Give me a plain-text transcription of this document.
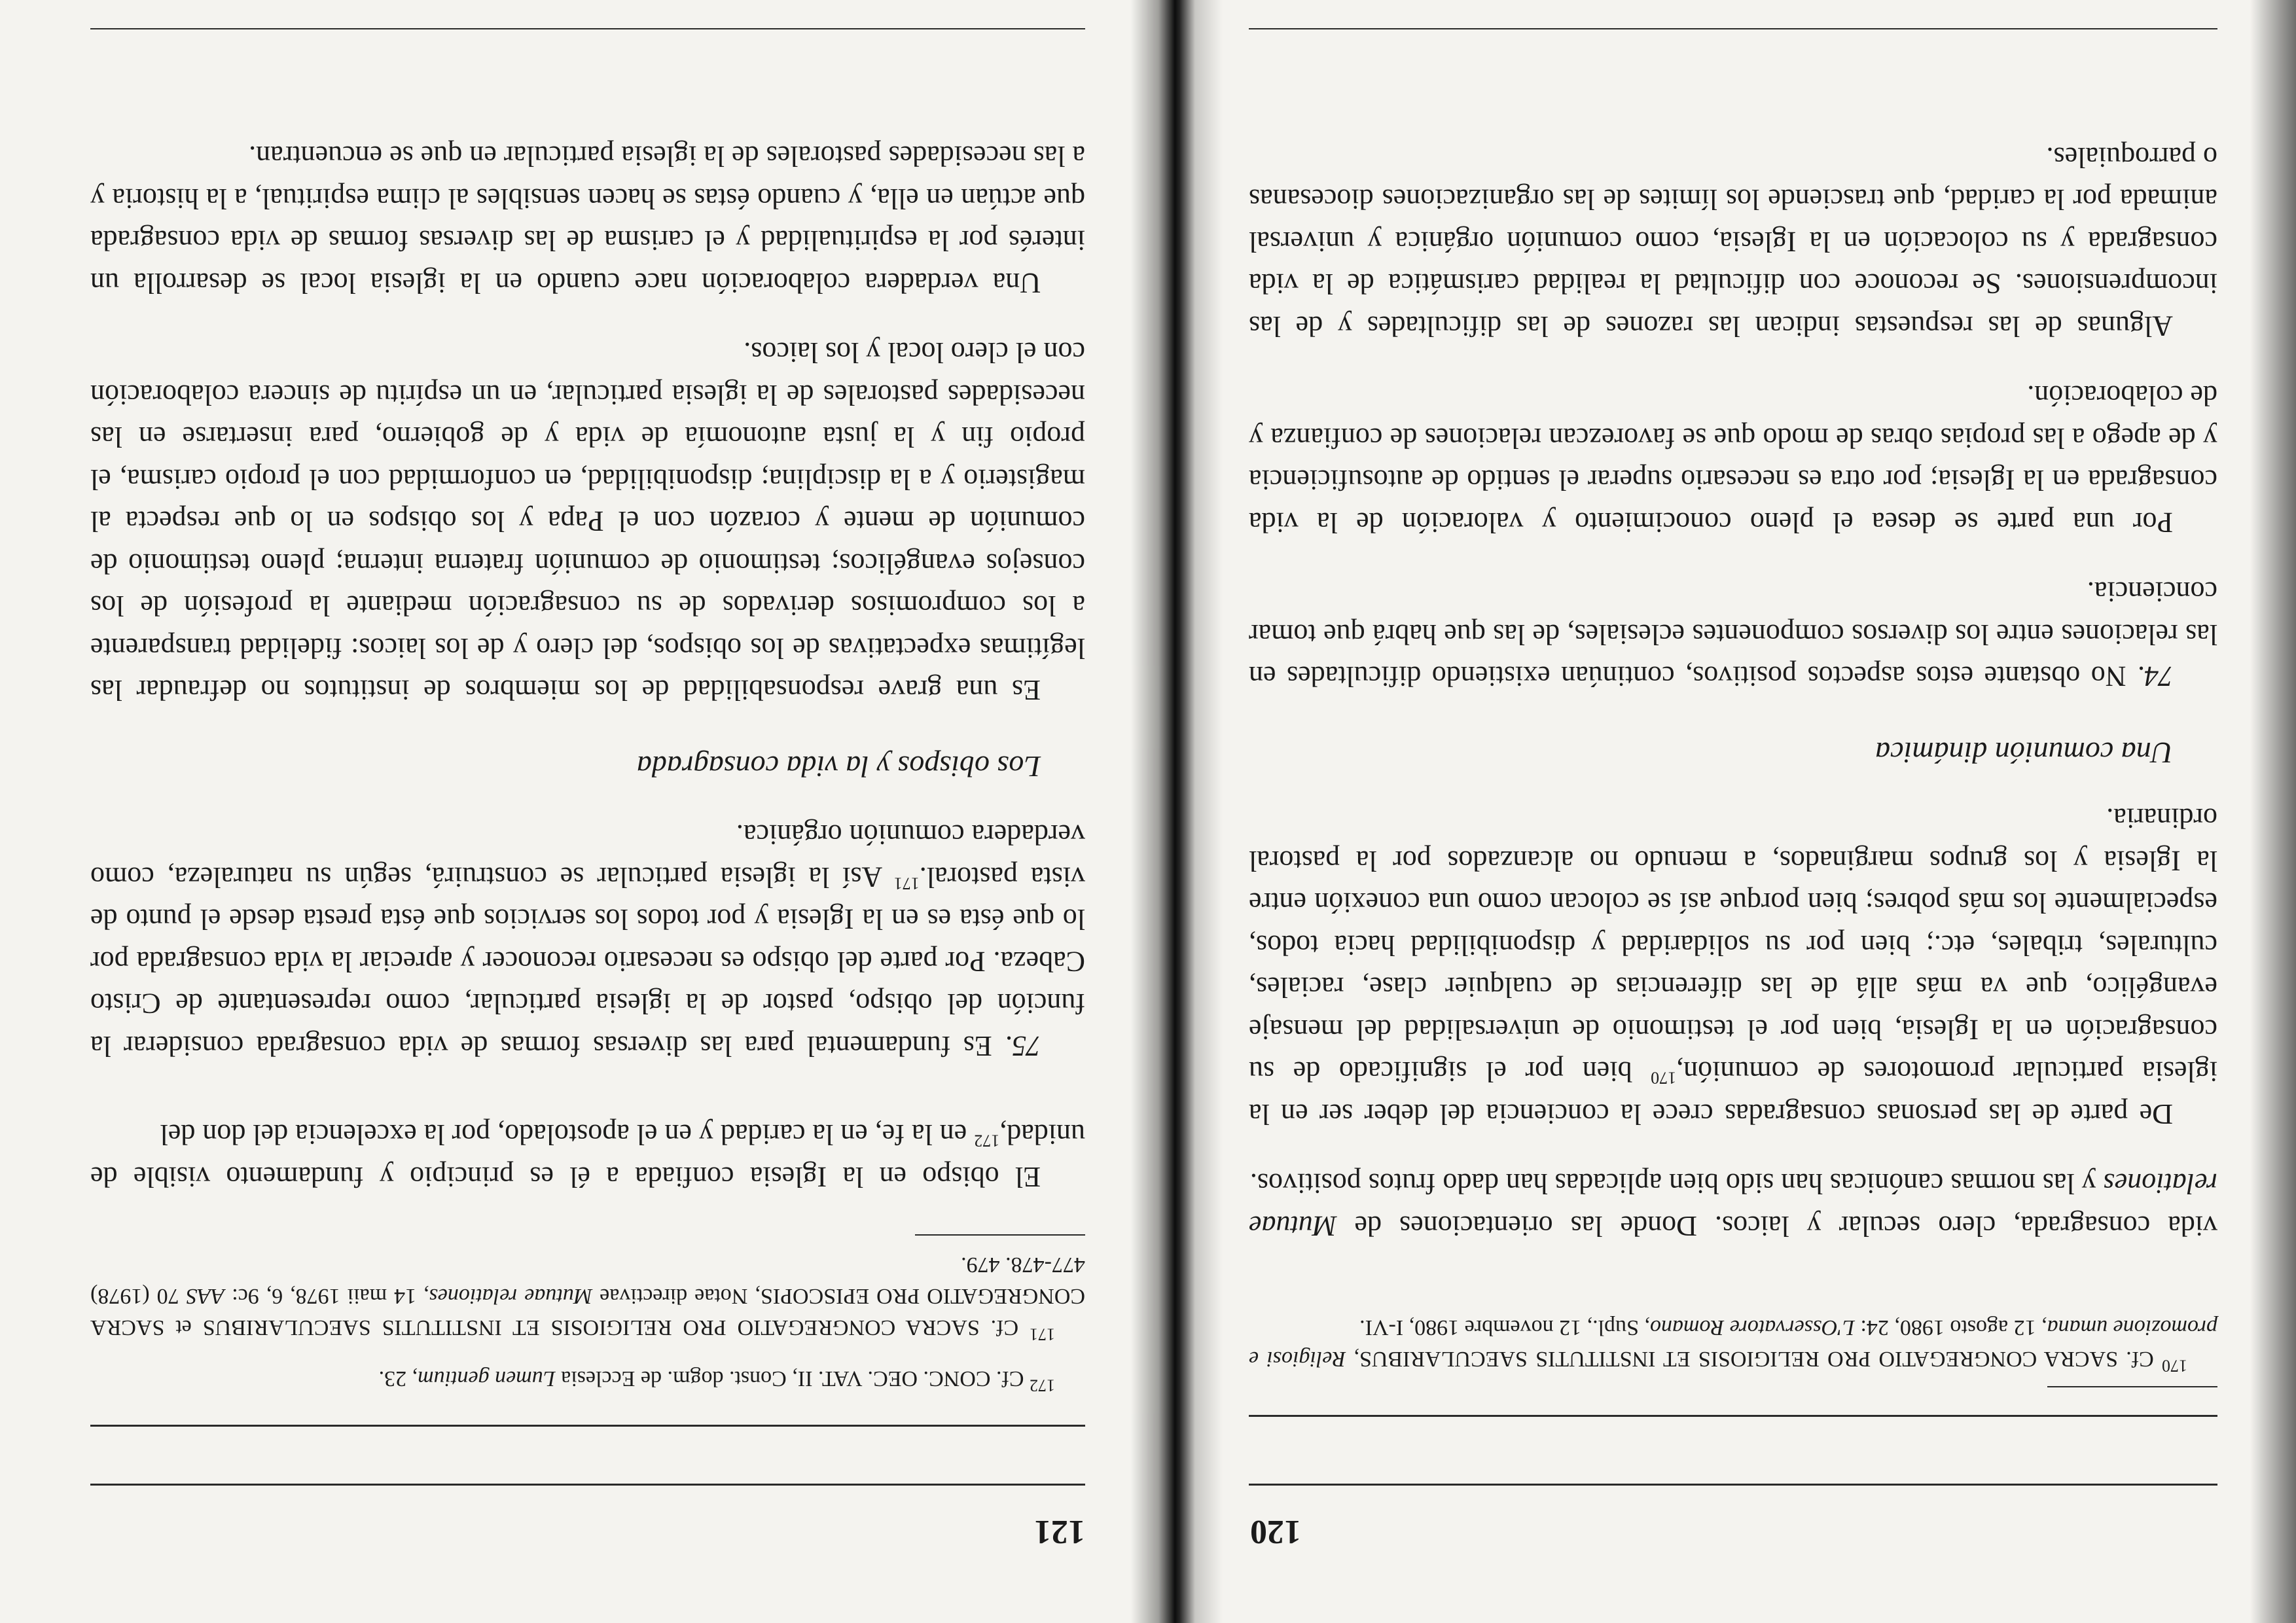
120

$^{170}$ Cf. SACRA CONGREGATIO PRO RELIGIOSIS ET INSTITUTIS SAECULARIBUS, Religiosi e promozione umana, 12 agosto 1980, 24: L'Osservatore Romano, Supl., 12 novembre 1980, I-VI.

vida consagrada, clero secular y laicos. Donde las orientaciones de Mutuae relationes y las normas canónicas han sido bien aplicadas han dado frutos positivos.

De parte de las personas consagradas crece la conciencia del deber ser en la iglesia particular promotores de comunión,$^{170}$ bien por el significado de su consagración en la Iglesia, bien por el testimonio de universalidad del mensaje evangélico, que va más allá de las diferencias de cualquier clase, raciales, culturales, tribales, etc.; bien por su solidaridad y disponibilidad hacia todos, especialmente los más pobres; bien porque así se colocan como una conexión entre la Iglesia y los grupos marginados, a menudo no alcanzados por la pastoral ordinaria.

Una comunión dinámica

74. No obstante estos aspectos positivos, continúan existiendo dificultades en las relaciones entre los diversos componentes eclesiales, de las que habrá que tomar conciencia.

Por una parte se desea el pleno conocimiento y valoración de la vida consagrada en la Iglesia; por otra es necesario superar el sentido de autosuficiencia y de apego a las propias obras de modo que se favorezcan relaciones de confianza y de colaboración.

Algunas de las respuestas indican las razones de las dificultades y de las incomprensiones. Se reconoce con dificultad la realidad carismática de la vida consagrada y su colocación en la Iglesia, como comunión orgánica y universal animada por la caridad, que trasciende los límites de las organizaciones diocesanas o parroquiales.

121

$^{172}$ Cf. CONC. OEC. VAT. II, Const. dogm. de Ecclesia Lumen gentium, 23.

$^{171}$ Cf. SACRA CONGREGATIO PRO RELIGIOSIS ET INSTITUTIS SAECULARIBUS et SACRA CONGREGATIO PRO EPISCOPIS, Notae directivae Mutuae relationes, 14 maii 1978, 6, 9c: AAS 70 (1978) 477-478. 479.

El obispo en la Iglesia confiada a él es principio y fundamento visible de unidad,$^{172}$ en la fe, en la caridad y en el apostolado, por la excelencia del don del

75. Es fundamental para las diversas formas de vida consagrada considerar la función del obispo, pastor de la iglesia particular, como representante de Cristo Cabeza. Por parte del obispo es necesario reconocer y apreciar la vida consagrada por lo que ésta es en la Iglesia y por todos los servicios que ésta presta desde el punto de vista pastoral.$^{171}$ Así la iglesia particular se construirá, según su naturaleza, como verdadera comunión orgánica.

Los obispos y la vida consagrada

Es una grave responsabilidad de los miembros de institutos no defraudar las legítimas expectativas de los obispos, del clero y de los laicos: fidelidad transparente a los compromisos derivados de su consagración mediante la profesión de los consejos evangélicos; testimonio de comunión fraterna interna; pleno testimonio de comunión de mente y corazón con el Papa y los obispos en lo que respecta al magisterio y a la disciplina; disponibilidad, en conformidad con el propio carisma, el propio fin y la justa autonomía de vida y de gobierno, para insertarse en las necesidades pastorales de la iglesia particular, en un espíritu de sincera colaboración con el clero local y los laicos.

Una verdadera colaboración nace cuando en la iglesia local se desarrolla un interés por la espiritualidad y el carisma de las diversas formas de vida consagrada que actúan en ella, y cuando éstas se hacen sensibles al clima espiritual, a la historia y a las necesidades pastorales de la iglesia particular en que se encuentran.
